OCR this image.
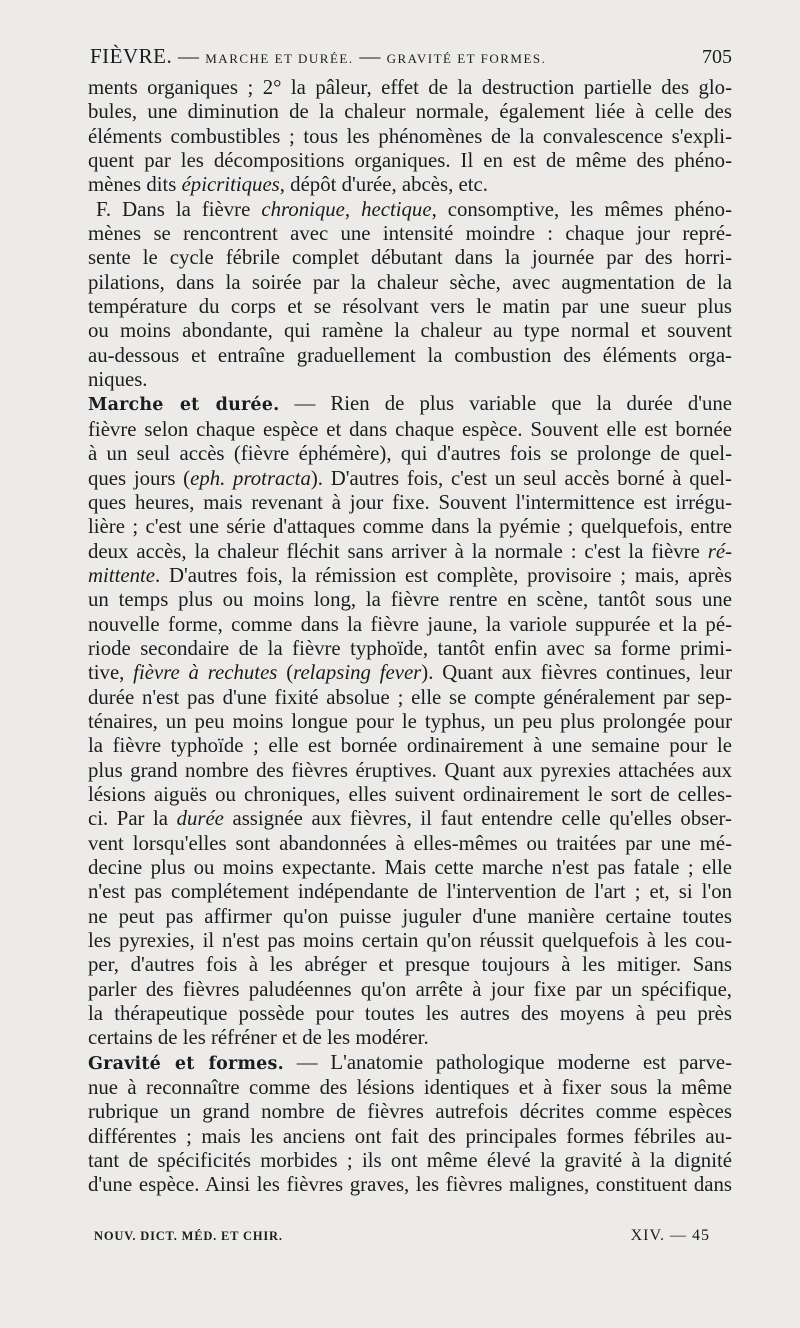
FIÈVRE. — MARCHE ET DURÉE. — GRAVITÉ ET FORMES.	705

ments organiques ; 2° la pâleur, effet de la destruction partielle des glo-
bules, une diminution de la chaleur normale, également liée à celle des
éléments combustibles ; tous les phénomènes de la convalescence s'expli-
quent par les décompositions organiques. Il en est de même des phéno-
mènes dits épicritiques, dépôt d'urée, abcès, etc.

F. Dans la fièvre chronique, hectique, consomptive, les mêmes phéno-
mènes se rencontrent avec une intensité moindre : chaque jour repré-
sente le cycle fébrile complet débutant dans la journée par des horri-
pilations, dans la soirée par la chaleur sèche, avec augmentation de la
température du corps et se résolvant vers le matin par une sueur plus
ou moins abondante, qui ramène la chaleur au type normal et souvent
au-dessous et entraîne graduellement la combustion des éléments orga-
niques.

Marche et durée. — Rien de plus variable que la durée d'une
fièvre selon chaque espèce et dans chaque espèce. Souvent elle est bornée
à un seul accès (fièvre éphémère), qui d'autres fois se prolonge de quel-
ques jours (eph. protracta). D'autres fois, c'est un seul accès borné à quel-
ques heures, mais revenant à jour fixe. Souvent l'intermittence est irrégu-
lière ; c'est une série d'attaques comme dans la pyémie ; quelquefois, entre
deux accès, la chaleur fléchit sans arriver à la normale : c'est la fièvre ré-
mittente. D'autres fois, la rémission est complète, provisoire ; mais, après
un temps plus ou moins long, la fièvre rentre en scène, tantôt sous une
nouvelle forme, comme dans la fièvre jaune, la variole suppurée et la pé-
riode secondaire de la fièvre typhoïde, tantôt enfin avec sa forme primi-
tive, fièvre à rechutes (relapsing fever). Quant aux fièvres continues, leur
durée n'est pas d'une fixité absolue ; elle se compte généralement par sep-
ténaires, un peu moins longue pour le typhus, un peu plus prolongée pour
la fièvre typhoïde ; elle est bornée ordinairement à une semaine pour le
plus grand nombre des fièvres éruptives. Quant aux pyrexies attachées aux
lésions aiguës ou chroniques, elles suivent ordinairement le sort de celles-
ci. Par la durée assignée aux fièvres, il faut entendre celle qu'elles obser-
vent lorsqu'elles sont abandonnées à elles-mêmes ou traitées par une mé-
decine plus ou moins expectante. Mais cette marche n'est pas fatale ; elle
n'est pas complétement indépendante de l'intervention de l'art ; et, si l'on
ne peut pas affirmer qu'on puisse juguler d'une manière certaine toutes
les pyrexies, il n'est pas moins certain qu'on réussit quelquefois à les cou-
per, d'autres fois à les abréger et presque toujours à les mitiger. Sans
parler des fièvres paludéennes qu'on arrête à jour fixe par un spécifique,
la thérapeutique possède pour toutes les autres des moyens à peu près
certains de les réfréner et de les modérer.

Gravité et formes. — L'anatomie pathologique moderne est parve-
nue à reconnaître comme des lésions identiques et à fixer sous la même
rubrique un grand nombre de fièvres autrefois décrites comme espèces
différentes ; mais les anciens ont fait des principales formes fébriles au-
tant de spécificités morbides ; ils ont même élevé la gravité à la dignité
d'une espèce. Ainsi les fièvres graves, les fièvres malignes, constituent dans

NOUV. DICT. MÉD. ET CHIR.	XIV. — 45
